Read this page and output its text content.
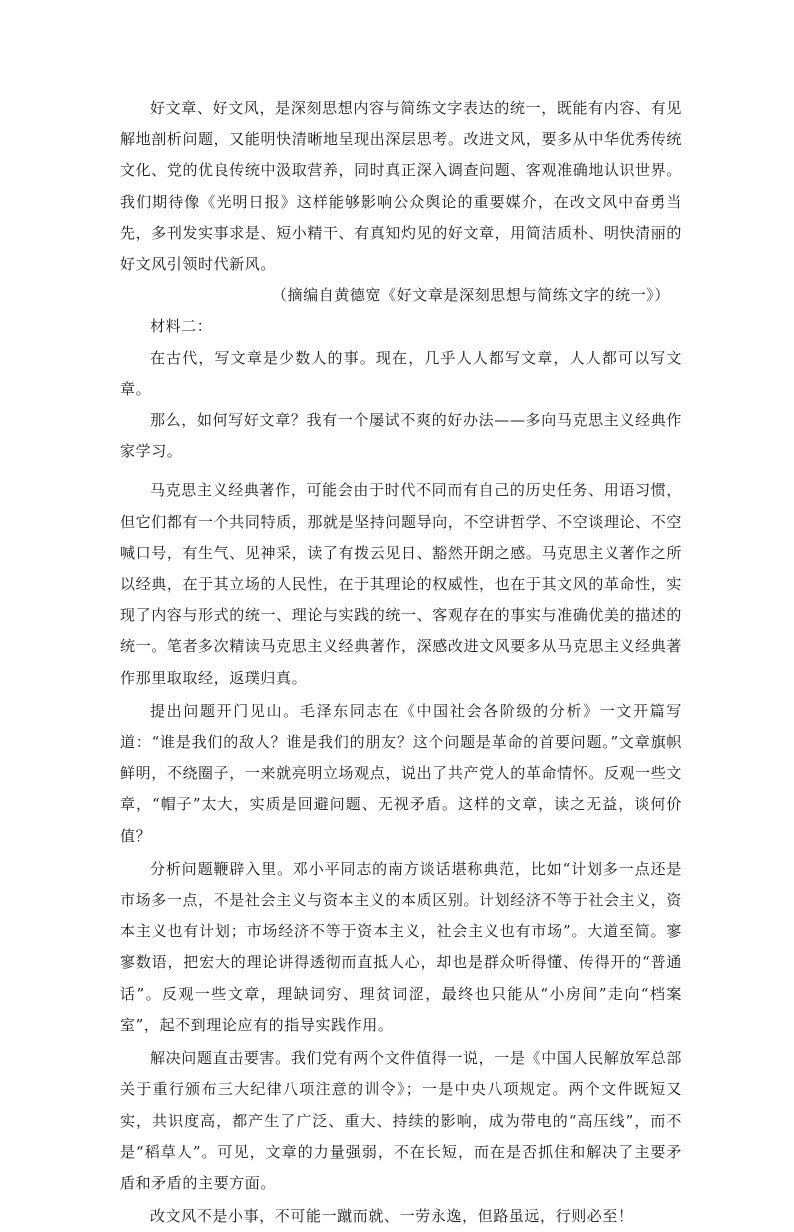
好文章、好文风，是深刻思想内容与简练文字表达的统一，既能有内容、有见解地剖析问题，又能明快清晰地呈现出深层思考。改进文风，要多从中华优秀传统文化、党的优良传统中汲取营养，同时真正深入调查问题、客观准确地认识世界。我们期待像《光明日报》这样能够影响公众舆论的重要媒介，在改文风中奋勇当先，多刊发实事求是、短小精干、有真知灼见的好文章，用简洁质朴、明快清丽的好文风引领时代新风。

（摘编自黄德宽《好文章是深刻思想与简练文字的统一》）

材料二：

在古代，写文章是少数人的事。现在，几乎人人都写文章，人人都可以写文章。

那么，如何写好文章？我有一个屡试不爽的好办法——多向马克思主义经典作家学习。

马克思主义经典著作，可能会由于时代不同而有自己的历史任务、用语习惯，但它们都有一个共同特质，那就是坚持问题导向，不空讲哲学、不空谈理论、不空喊口号，有生气、见神采，读了有拨云见日、豁然开朗之感。马克思主义著作之所以经典，在于其立场的人民性，在于其理论的权威性，也在于其文风的革命性，实现了内容与形式的统一、理论与实践的统一、客观存在的事实与准确优美的描述的统一。笔者多次精读马克思主义经典著作，深感改进文风要多从马克思主义经典著作那里取取经，返璞归真。

提出问题开门见山。毛泽东同志在《中国社会各阶级的分析》一文开篇写道：“谁是我们的敌人？谁是我们的朋友？这个问题是革命的首要问题。”文章旗帜鲜明，不绕圈子，一来就亮明立场观点，说出了共产党人的革命情怀。反观一些文章，“帽子”太大，实质是回避问题、无视矛盾。这样的文章，读之无益，谈何价值？

分析问题鞭辟入里。邓小平同志的南方谈话堪称典范，比如“计划多一点还是市场多一点，不是社会主义与资本主义的本质区别。计划经济不等于社会主义，资本主义也有计划；市场经济不等于资本主义，社会主义也有市场”。大道至简。寥寥数语，把宏大的理论讲得透彻而直抵人心，却也是群众听得懂、传得开的“普通话”。反观一些文章，理缺词穷、理贫词涩，最终也只能从“小房间”走向“档案室”，起不到理论应有的指导实践作用。

解决问题直击要害。我们党有两个文件值得一说，一是《中国人民解放军总部关于重行颁布三大纪律八项注意的训令》；一是中央八项规定。两个文件既短又实，共识度高，都产生了广泛、重大、持续的影响，成为带电的“高压线”，而不是“稻草人”。可见，文章的力量强弱，不在长短，而在是否抓住和解决了主要矛盾和矛盾的主要方面。

改文风不是小事，不可能一蹴而就、一劳永逸，但路虽远，行则必至！
